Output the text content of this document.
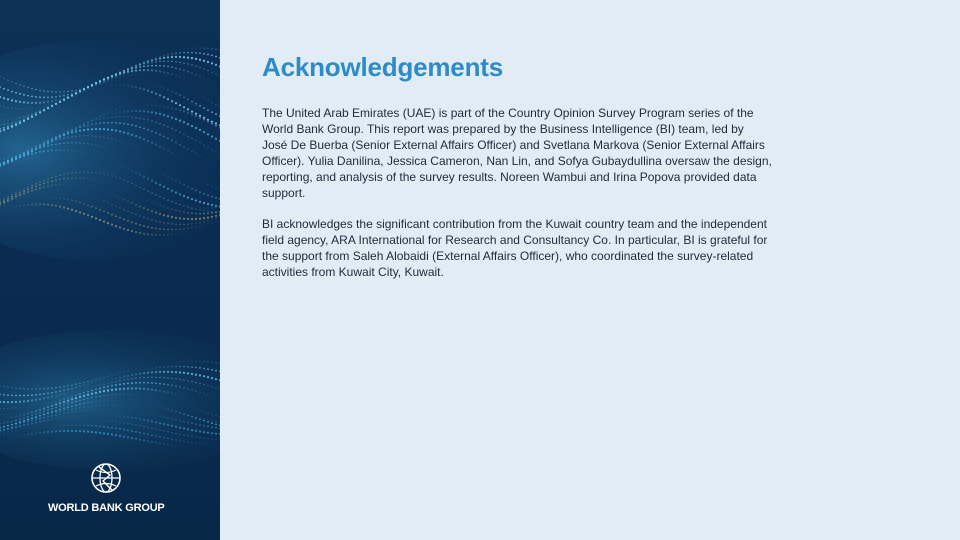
WORLD BANK GROUP
Acknowledgements

The United Arab Emirates (UAE) is part of the Country Opinion Survey Program series of the World Bank Group. This report was prepared by the Business Intelligence (BI) team, led by José De Buerba (Senior External Affairs Officer) and Svetlana Markova (Senior External Affairs Officer). Yulia Danilina, Jessica Cameron, Nan Lin, and Sofya Gubaydullina oversaw the design, reporting, and analysis of the survey results. Noreen Wambui and Irina Popova provided data support.

BI acknowledges the significant contribution from the Kuwait country team and the independent field agency, ARA International for Research and Consultancy Co. In particular, BI is grateful for the support from Saleh Alobaidi (External Affairs Officer), who coordinated the survey-related activities from Kuwait City, Kuwait.
